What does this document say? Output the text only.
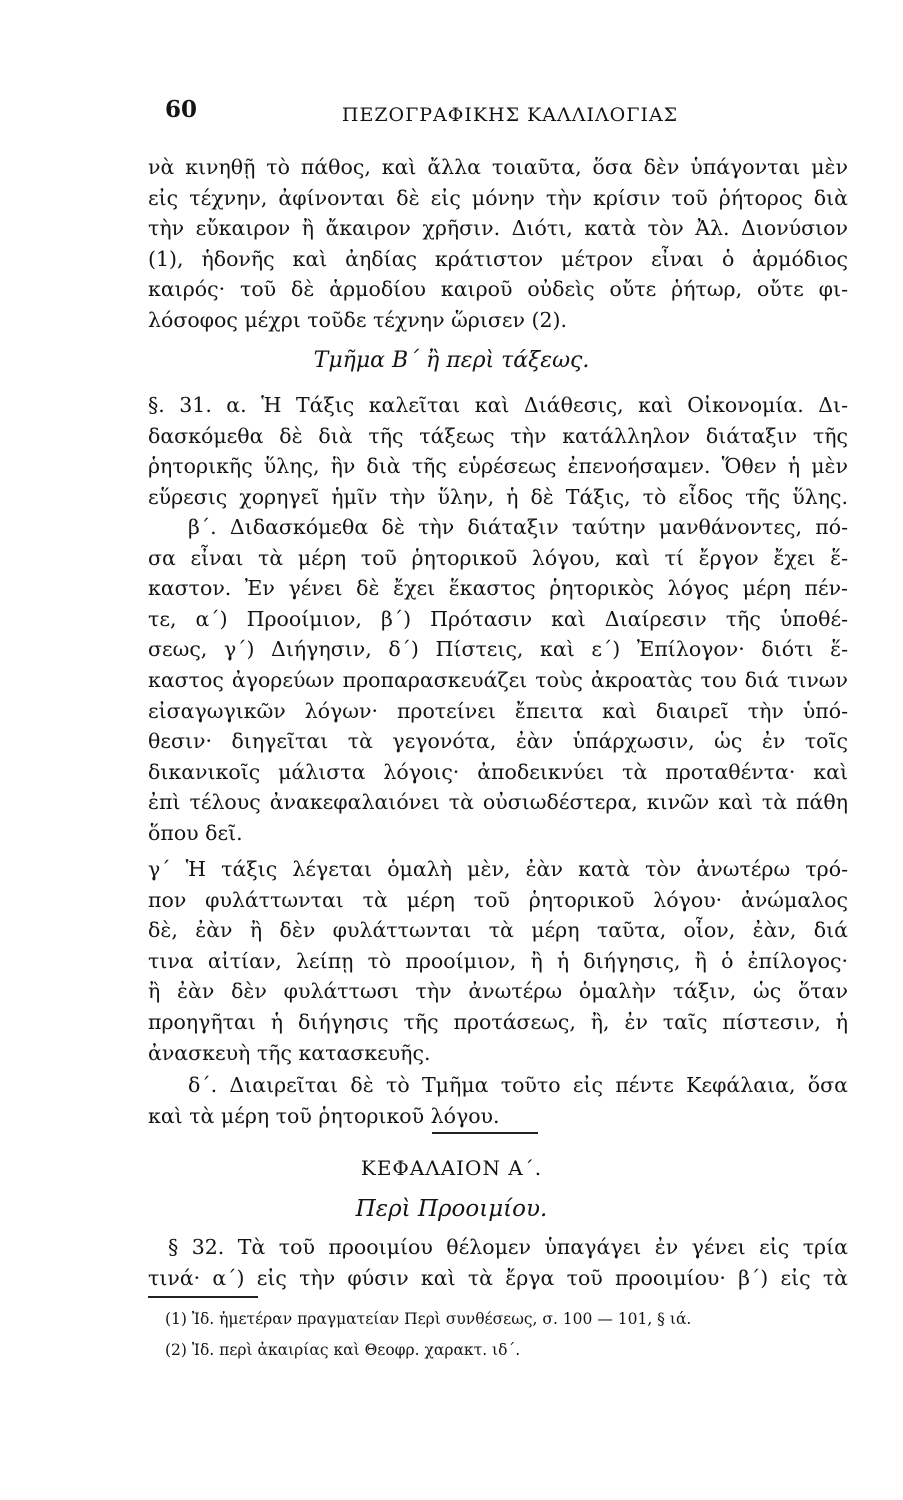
60	ΠΕΖΟΓΡΑΦΙΚΗΣ ΚΑΛΛΙΛΟΓΙΑΣ
νὰ κινηθῇ τὸ πάθος, καὶ ἄλλα τοιαῦτα, ὅσα δὲν ὑπάγονται μὲν
εἰς τέχνην, ἀφίνονται δὲ εἰς μόνην τὴν κρίσιν τοῦ ῥήτορος διὰ
τὴν εὔκαιρον ἢ ἄκαιρον χρῆσιν. Διότι, κατὰ τὸν Ἀλ. Διονύσιον
(1), ἡδονῆς καὶ ἀηδίας κράτιστον μέτρον εἶναι ὁ ἁρμόδιος
καιρός· τοῦ δὲ ἁρμοδίου καιροῦ οὐδεὶς οὔτε ῥήτωρ, οὔτε φι-
λόσοφος μέχρι τοῦδε τέχνην ὥρισεν (2).
Τμῆμα Β΄ ἢ περὶ τάξεως.
§. 31. α. Ἡ Τάξις καλεῖται καὶ Διάθεσις, καὶ Οἰκονομία. Δι-
δασκόμεθα δὲ διὰ τῆς τάξεως τὴν κατάλληλον διάταξιν τῆς
ῥητορικῆς ὕλης, ἣν διὰ τῆς εὑρέσεως ἐπενοήσαμεν. Ὅθεν ἡ μὲν
εὕρεσις χορηγεῖ ἡμῖν τὴν ὕλην, ἡ δὲ Τάξις, τὸ εἶδος τῆς ὕλης.
β΄. Διδασκόμεθα δὲ τὴν διάταξιν ταύτην μανθάνοντες, πό-
σα εἶναι τὰ μέρη τοῦ ῥητορικοῦ λόγου, καὶ τί ἔργον ἔχει ἕ-
καστον. Ἐν γένει δὲ ἔχει ἕκαστος ῥητορικὸς λόγος μέρη πέν-
τε, α΄) Προοίμιον, β΄) Πρότασιν καὶ Διαίρεσιν τῆς ὑποθέ-
σεως, γ΄) Διήγησιν, δ΄) Πίστεις, καὶ ε΄) Ἐπίλογον· διότι ἕ-
καστος ἀγορεύων προπαρασκευάζει τοὺς ἀκροατὰς του διά τινων
εἰσαγωγικῶν λόγων· προτείνει ἔπειτα καὶ διαιρεῖ τὴν ὑπό-
θεσιν· διηγεῖται τὰ γεγονότα, ἐὰν ὑπάρχωσιν, ὡς ἐν τοῖς
δικανικοῖς μάλιστα λόγοις· ἀποδεικνύει τὰ προταθέντα· καὶ
ἐπὶ τέλους ἀνακεφαλαιόνει τὰ οὐσιωδέστερα, κινῶν καὶ τὰ πάθη
ὅπου δεῖ.
γ΄ Ἡ τάξις λέγεται ὁμαλὴ μὲν, ἐὰν κατὰ τὸν ἀνωτέρω τρό-
πον φυλάττωνται τὰ μέρη τοῦ ῥητορικοῦ λόγου· ἀνώμαλος
δὲ, ἐὰν ἢ δὲν φυλάττωνται τὰ μέρη ταῦτα, οἷον, ἐὰν, διά
τινα αἰτίαν, λείπῃ τὸ προοίμιον, ἢ ἡ διήγησις, ἢ ὁ ἐπίλογος·
ἢ ἐὰν δὲν φυλάττωσι τὴν ἀνωτέρω ὁμαλὴν τάξιν, ὡς ὅταν
προηγῆται ἡ διήγησις τῆς προτάσεως, ἢ, ἐν ταῖς πίστεσιν, ἡ
ἀνασκευὴ τῆς κατασκευῆς.
δ΄. Διαιρεῖται δὲ τὸ Τμῆμα τοῦτο εἰς πέντε Κεφάλαια, ὅσα
καὶ τὰ μέρη τοῦ ῥητορικοῦ λόγου.
ΚΕΦΑΛΑΙΟΝ Α΄.
Περὶ Προοιμίου.
§ 32. Τὰ τοῦ προοιμίου θέλομεν ὑπαγάγει ἐν γένει εἰς τρία
τινά· α΄) εἰς τὴν φύσιν καὶ τὰ ἔργα τοῦ προοιμίου· β΄) εἰς τὰ
(1) Ἰδ. ἡμετέραν πραγματείαν Περὶ συνθέσεως, σ. 100 — 101, § ιά.
(2) Ἰδ. περὶ ἀκαιρίας καὶ Θεοφρ. χαρακτ. ιδ΄.
